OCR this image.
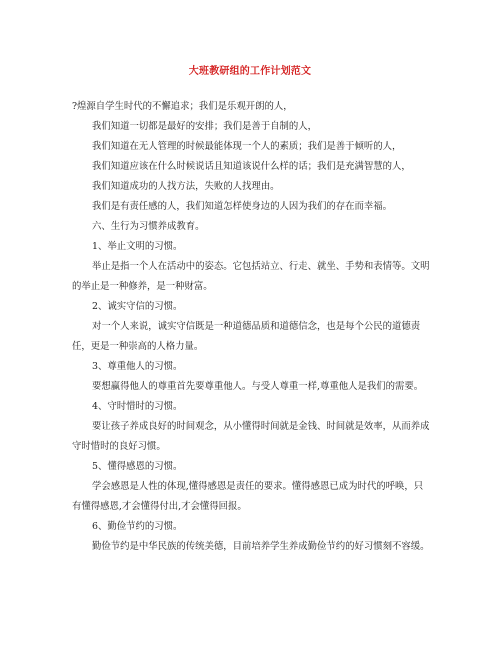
大班教研组的工作计划范文

?煌源自学生时代的不懈追求；我们是乐观开朗的人，

我们知道一切都是最好的安排；我们是善于自制的人，

我们知道在无人管理的时候最能体现一个人的素质；我们是善于倾听的人，

我们知道应该在什么时候说话且知道该说什么样的话；我们是充满智慧的人，

我们知道成功的人找方法，失败的人找理由。

我们是有责任感的人，我们知道怎样使身边的人因为我们的存在而幸福。

六、生行为习惯养成教育。

1、举止文明的习惯。

举止是指一个人在活动中的姿态。它包括站立、行走、就坐、手势和表情等。文明的举止是一种修养，是一种财富。

2、诚实守信的习惯。

对一个人来说，诚实守信既是一种道德品质和道德信念，也是每个公民的道德责任，更是一种崇高的人格力量。

3、尊重他人的习惯。

要想赢得他人的尊重首先要尊重他人。与受人尊重一样,尊重他人是我们的需要。

4、守时惜时的习惯。

要让孩子养成良好的时间观念，从小懂得时间就是金钱、时间就是效率，从而养成守时惜时的良好习惯。

5、懂得感恩的习惯。

学会感恩是人性的体现,懂得感恩是责任的要求。懂得感恩已成为时代的呼唤，只有懂得感恩,才会懂得付出,才会懂得回报。

6、勤俭节约的习惯。

勤俭节约是中华民族的传统美德，目前培养学生养成勤俭节约的好习惯刻不容缓。
